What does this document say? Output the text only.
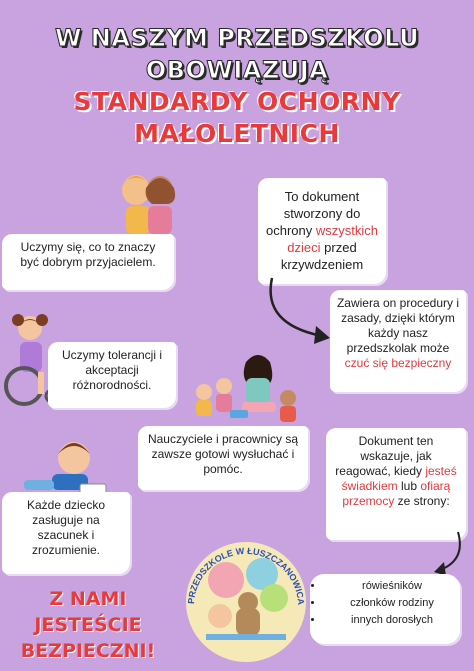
W NASZYM PRZEDSZKOLU
OBOWIĄZUJĄ
STANDARDY OCHORNY
MAŁOLETNICH

Uczymy się, co to znaczy być dobrym przyjacielem.

To dokument stworzony do ochrony wszystkich dzieci przed krzywdzeniem

Zawiera on procedury i zasady, dzięki którym każdy nasz przedszkolak może czuć się bezpieczny

Uczymy tolerancji i akceptacji różnorodności.

Nauczyciele i pracownicy są zawsze gotowi wysłuchać i pomóc.

Dokument ten wskazuje, jak reagować, kiedy jesteś świadkiem lub ofiarą przemocy ze strony:

Każde dziecko zasługuje na szacunek i zrozumienie.

Z NAMI
JESTEŚCIE
BEZPIECZNI!
PRZEDSZKOLE W ŁUSZCZANOWICA
• rówieśników
• członków rodziny
• innych dorosłych
